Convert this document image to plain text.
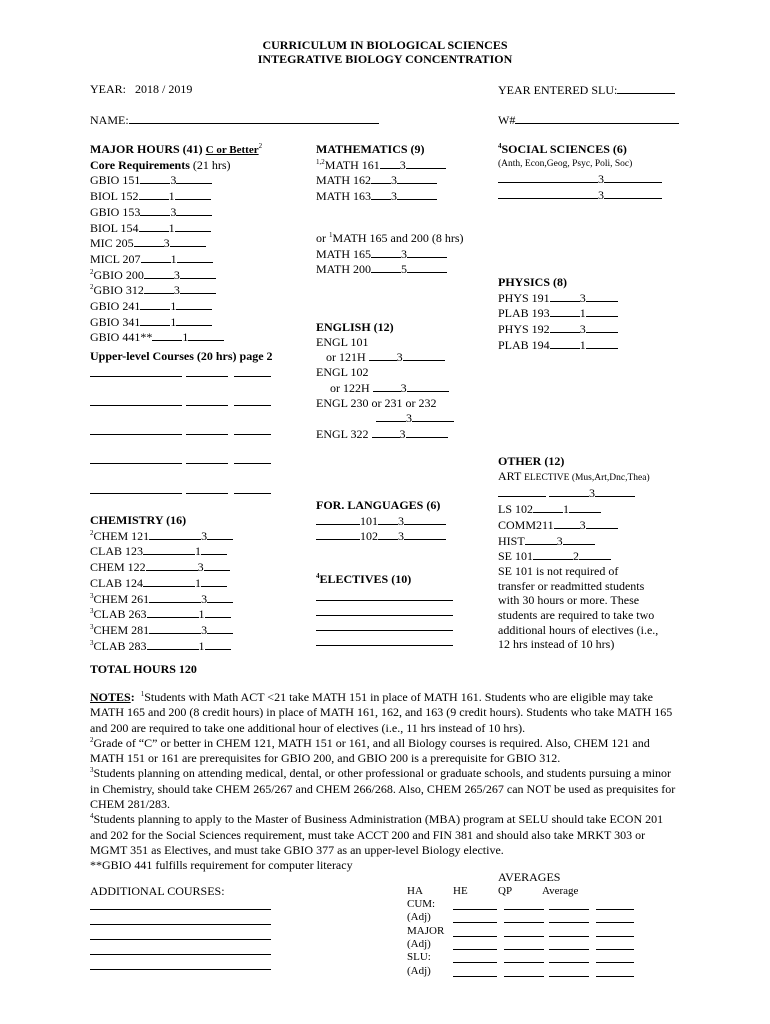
CURRICULUM IN BIOLOGICAL SCIENCES
INTEGRATIVE BIOLOGY CONCENTRATION
YEAR: 2018 / 2019	YEAR ENTERED SLU:
NAME:	W#
MAJOR HOURS (41) C or Better$^2$
Core Requirements (21 hrs)
GBIO 151	3
BIOL 152	1
GBIO 153	3
BIOL 154	1
MIC 205	3
MICL 207	1
$^2$GBIO 200	3
$^2$GBIO 312	3
GBIO 241	1
GBIO 341	1
GBIO 441**	1
Upper-level Courses (20 hrs) page 2
CHEMISTRY (16)
$^2$CHEM 121	3
CLAB 123	1
CHEM 122	3
CLAB 124	1
$^3$CHEM 261	3
$^3$CLAB 263	1
$^3$CHEM 281	3
$^3$CLAB 283	1
MATHEMATICS (9)
$^{1,2}$MATH 161 3
MATH 162 3
MATH 163 3
or $^1$MATH 165 and 200 (8 hrs)
MATH 165	3
MATH 200	5
ENGLISH (12)
ENGL 101
or 121H	3
ENGL 102
or 122H	3
ENGL 230 or 231 or 232
3
ENGL 322	3
FOR. LANGUAGES (6)
101 3
102 3
$^4$ELECTIVES (10)
$^4$SOCIAL SCIENCES (6)
(Anth, Econ,Geog, Psyc, Poli, Soc)
3
3
PHYSICS (8)
PHYS 191	3
PLAB 193	1
PHYS 192	3
PLAB 194	1
OTHER (12)
ART ELECTIVE (Mus,Art,Dnc,Thea)
3
LS 102	1
COMM211 3
HIST	3
SE 101	2
SE 101 is not required of
transfer or readmitted students
with 30 hours or more. These
students are required to take two
additional hours of electives (i.e.,
12 hrs instead of 10 hrs)
TOTAL HOURS 120

NOTES: $^1$Students with Math ACT <21 take MATH 151 in place of MATH 161. Students who are eligible may take MATH 165 and 200 (8 credit hours) in place of MATH 161, 162, and 163 (9 credit hours). Students who take MATH 165 and 200 are required to take one additional hour of electives (i.e., 11 hrs instead of 10 hrs).

$^2$Grade of “C” or better in CHEM 121, MATH 151 or 161, and all Biology courses is required. Also, CHEM 121 and MATH 151 or 161 are prerequisites for GBIO 200, and GBIO 200 is a prerequisite for GBIO 312.

$^3$Students planning on attending medical, dental, or other professional or graduate schools, and students pursuing a minor in Chemistry, should take CHEM 265/267 and CHEM 266/268. Also, CHEM 265/267 can NOT be used as prequisites for CHEM 281/283.

$^4$Students planning to apply to the Master of Business Administration (MBA) program at SELU should take ECON 201 and 202 for the Social Sciences requirement, must take ACCT 200 and FIN 381 and should also take MRKT 303 or MGMT 351 as Electives, and must take GBIO 377 as an upper-level Biology elective.

**GBIO 441 fulfills requirement for computer literacy

ADDITIONAL COURSES:
AVERAGES
HA	HE	QP	Average
CUM:
(Adj)
MAJOR
(Adj)
SLU:
(Adj)
